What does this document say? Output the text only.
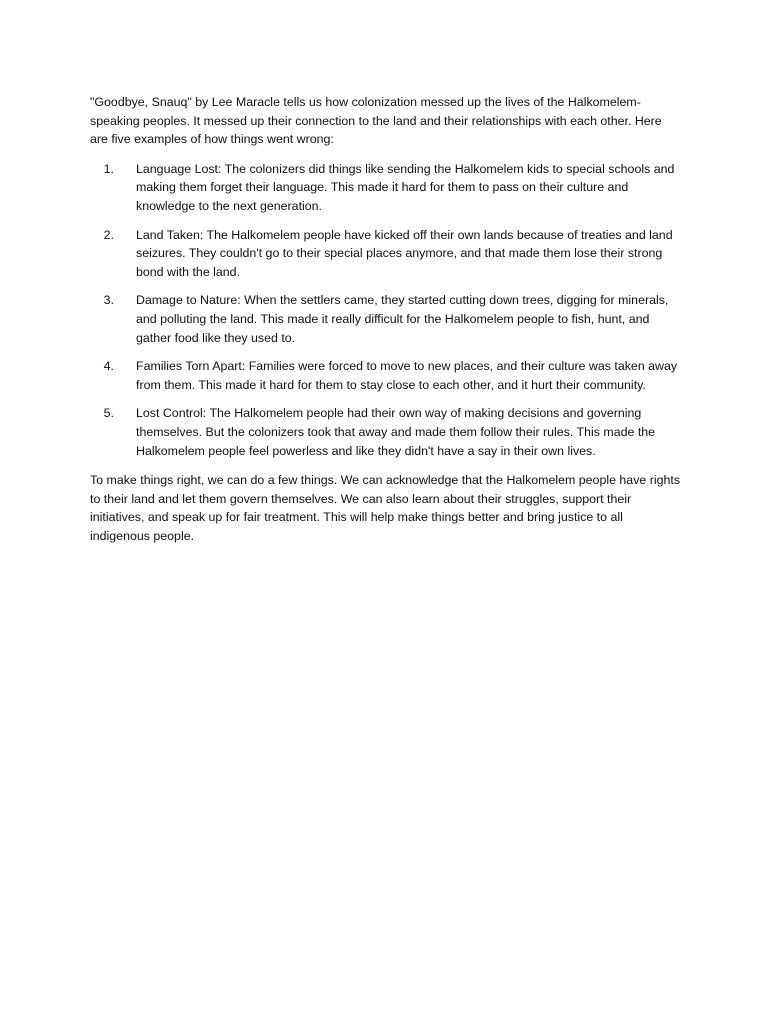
"Goodbye, Snauq" by Lee Maracle tells us how colonization messed up the lives of the Halkomelem-speaking peoples. It messed up their connection to the land and their relationships with each other. Here are five examples of how things went wrong:

1.	Language Lost: The colonizers did things like sending the Halkomelem kids to special schools and making them forget their language. This made it hard for them to pass on their culture and knowledge to the next generation.
2.	Land Taken: The Halkomelem people have kicked off their own lands because of treaties and land seizures. They couldn't go to their special places anymore, and that made them lose their strong bond with the land.
3.	Damage to Nature: When the settlers came, they started cutting down trees, digging for minerals, and polluting the land. This made it really difficult for the Halkomelem people to fish, hunt, and gather food like they used to.
4.	Families Torn Apart: Families were forced to move to new places, and their culture was taken away from them. This made it hard for them to stay close to each other, and it hurt their community.
5.	Lost Control: The Halkomelem people had their own way of making decisions and governing themselves. But the colonizers took that away and made them follow their rules. This made the Halkomelem people feel powerless and like they didn't have a say in their own lives.

To make things right, we can do a few things. We can acknowledge that the Halkomelem people have rights to their land and let them govern themselves. We can also learn about their struggles, support their initiatives, and speak up for fair treatment. This will help make things better and bring justice to all indigenous people.
